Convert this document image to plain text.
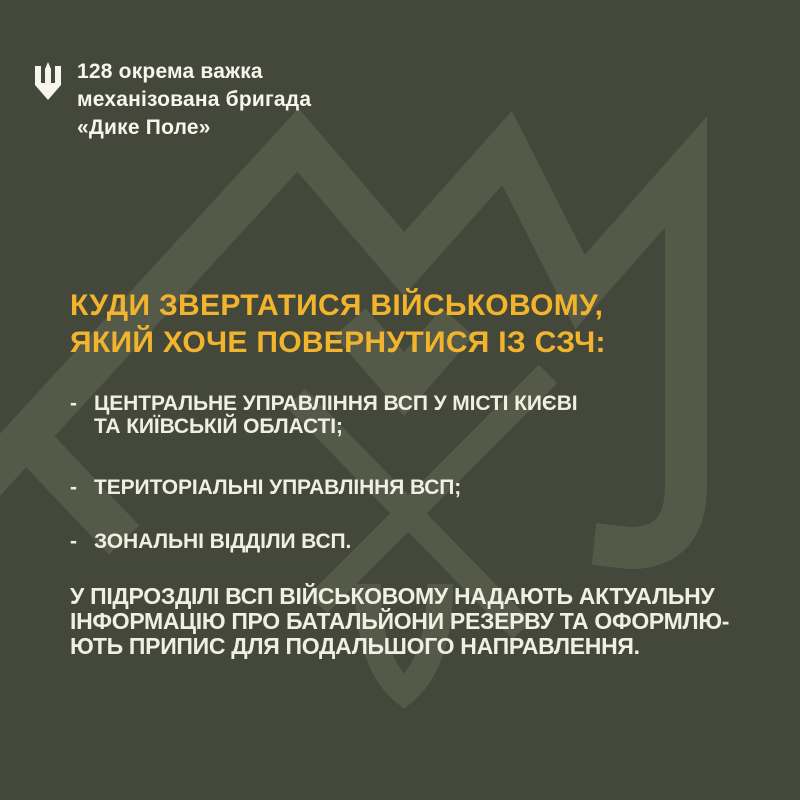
128 окрема важка
механізована бригада
«Дике Поле»
КУДИ ЗВЕРТАТИСЯ ВІЙСЬКОВОМУ,
ЯКИЙ ХОЧЕ ПОВЕРНУТИСЯ ІЗ СЗЧ:
- ЦЕНТРАЛЬНЕ УПРАВЛІННЯ ВСП У МІСТІ КИЄВІ
ТА КИЇВСЬКІЙ ОБЛАСТІ;
- ТЕРИТОРІАЛЬНІ УПРАВЛІННЯ ВСП;
- ЗОНАЛЬНІ ВІДДІЛИ ВСП.
У ПІДРОЗДІЛІ ВСП ВІЙСЬКОВОМУ НАДАЮТЬ АКТУАЛЬНУ
ІНФОРМАЦІЮ ПРО БАТАЛЬЙОНИ РЕЗЕРВУ ТА ОФОРМЛЮ-
ЮТЬ ПРИПИС ДЛЯ ПОДАЛЬШОГО НАПРАВЛЕННЯ.
